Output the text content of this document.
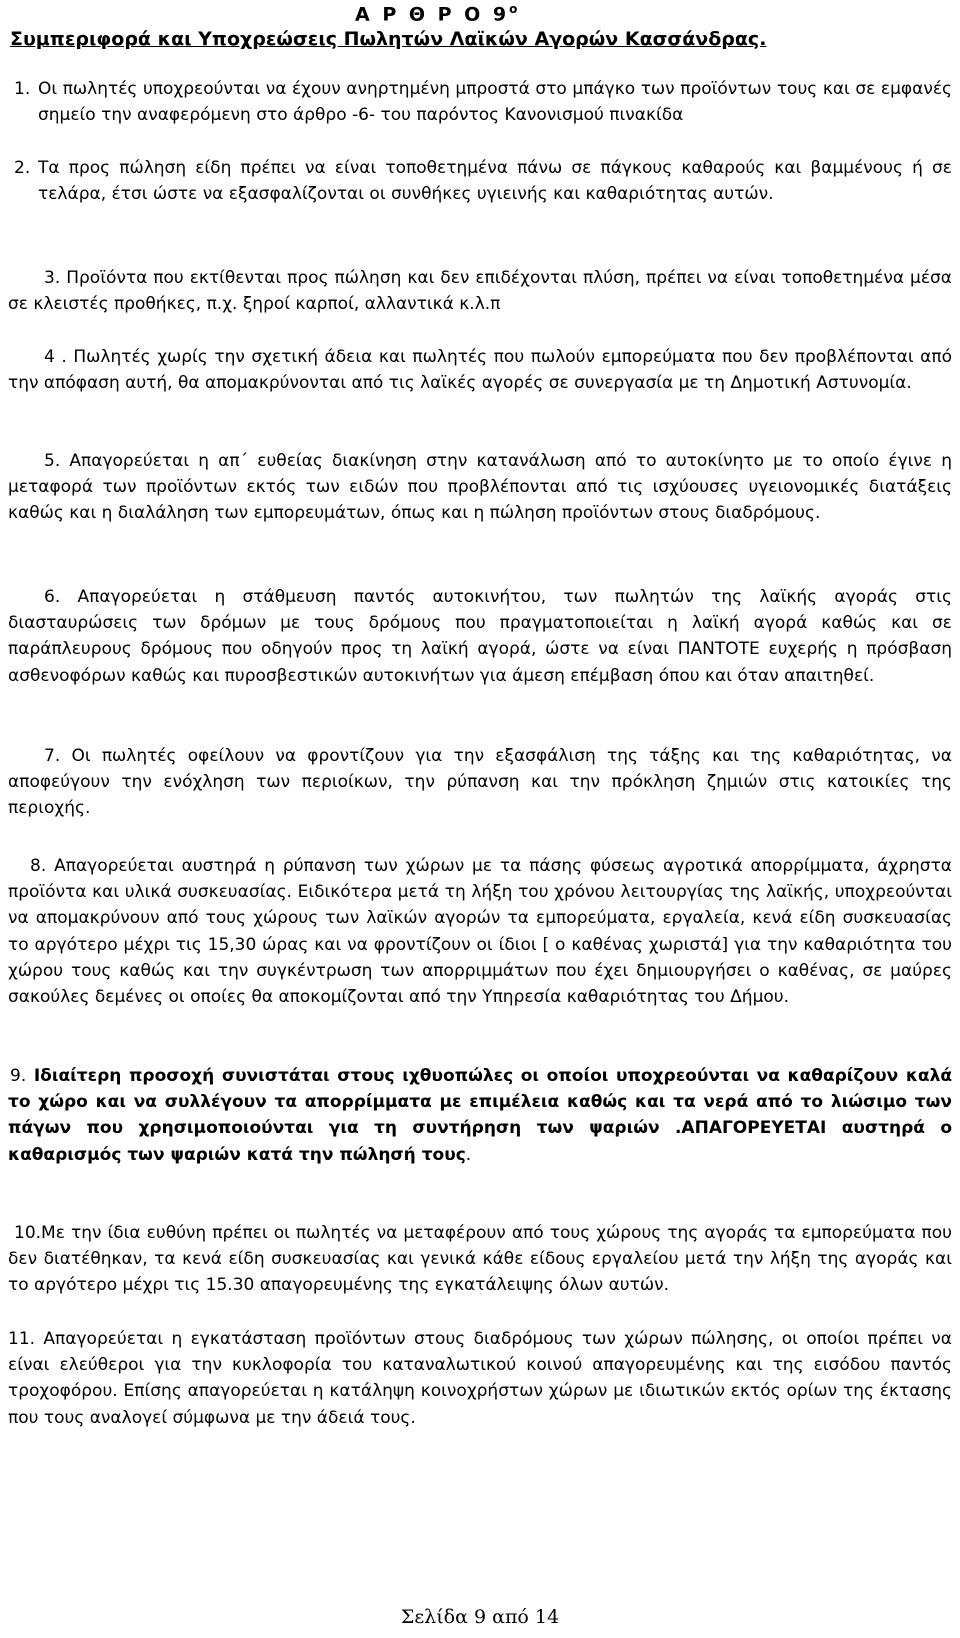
Α Ρ Θ Ρ Ο $9^o$
Συμπεριφορά και Υποχρεώσεις Πωλητών Λαϊκών Αγορών Κασσάνδρας.
1. Οι πωλητές υποχρεούνται να έχουν ανηρτημένη μπροστά στο μπάγκο των προϊόντων τους και σε εμφανές σημείο την αναφερόμενη στο άρθρο -6- του παρόντος Κανονισμού πινακίδα
2. Τα προς πώληση είδη πρέπει να είναι τοποθετημένα πάνω σε πάγκους καθαρούς και βαμμένους ή σε τελάρα, έτσι ώστε να εξασφαλίζονται οι συνθήκες υγιεινής και καθαριότητας αυτών.
3. Προϊόντα που εκτίθενται προς πώληση και δεν επιδέχονται πλύση, πρέπει να είναι τοποθετημένα μέσα σε κλειστές προθήκες, π.χ. ξηροί καρποί, αλλαντικά κ.λ.π
4 . Πωλητές χωρίς την σχετική άδεια και πωλητές που πωλούν εμπορεύματα που δεν προβλέπονται από την απόφαση αυτή, θα απομακρύνονται από τις λαϊκές αγορές σε συνεργασία με τη Δημοτική Αστυνομία.
5. Απαγορεύεται η απ΄ ευθείας διακίνηση στην κατανάλωση από το αυτοκίνητο με το οποίο έγινε η μεταφορά των προϊόντων εκτός των ειδών που προβλέπονται από τις ισχύουσες υγειονομικές διατάξεις καθώς και η διαλάληση των εμπορευμάτων, όπως και η πώληση προϊόντων στους διαδρόμους.
6. Απαγορεύεται η στάθμευση παντός αυτοκινήτου, των πωλητών της λαϊκής αγοράς στις διασταυρώσεις των δρόμων με τους δρόμους που πραγματοποιείται η λαϊκή αγορά καθώς και σε παράπλευρους δρόμους που οδηγούν προς τη λαϊκή αγορά, ώστε να είναι ΠΑΝΤΟΤΕ ευχερής η πρόσβαση ασθενοφόρων καθώς και πυροσβεστικών αυτοκινήτων για άμεση επέμβαση όπου και όταν απαιτηθεί.
7. Οι πωλητές οφείλουν να φροντίζουν για την εξασφάλιση της τάξης και της καθαριότητας, να αποφεύγουν την ενόχληση των περιοίκων, την ρύπανση και την πρόκληση ζημιών στις κατοικίες της περιοχής.
8. Απαγορεύεται αυστηρά η ρύπανση των χώρων με τα πάσης φύσεως αγροτικά απορρίμματα, άχρηστα προϊόντα και υλικά συσκευασίας. Ειδικότερα μετά τη λήξη του χρόνου λειτουργίας της λαϊκής, υποχρεούνται να απομακρύνουν από τους χώρους των λαϊκών αγορών τα εμπορεύματα, εργαλεία, κενά είδη συσκευασίας το αργότερο μέχρι τις 15,30 ώρας και να φροντίζουν οι ίδιοι [ ο καθένας χωριστά] για την καθαριότητα του χώρου τους καθώς και την συγκέντρωση των απορριμμάτων που έχει δημιουργήσει ο καθένας, σε μαύρες σακούλες δεμένες οι οποίες θα αποκομίζονται από την Υπηρεσία καθαριότητας του Δήμου.
9. Ιδιαίτερη προσοχή συνιστάται στους ιχθυοπώλες οι οποίοι υποχρεούνται να καθαρίζουν καλά το χώρο και να συλλέγουν τα απορρίμματα με επιμέλεια καθώς και τα νερά από το λιώσιμο των πάγων που χρησιμοποιούνται για τη συντήρηση των ψαριών .ΑΠΑΓΟΡΕΥΕΤΑΙ αυστηρά ο καθαρισμός των ψαριών κατά την πώλησή τους.
10.Με την ίδια ευθύνη πρέπει οι πωλητές να μεταφέρουν από τους χώρους της αγοράς τα εμπορεύματα που δεν διατέθηκαν, τα κενά είδη συσκευασίας και γενικά κάθε είδους εργαλείου μετά την λήξη της αγοράς και το αργότερο μέχρι τις 15.30 απαγορευμένης της εγκατάλειψης όλων αυτών.
11. Απαγορεύεται η εγκατάσταση προϊόντων στους διαδρόμους των χώρων πώλησης, οι οποίοι πρέπει να είναι ελεύθεροι για την κυκλοφορία του καταναλωτικού κοινού απαγορευμένης και της εισόδου παντός τροχοφόρου. Επίσης απαγορεύεται η κατάληψη κοινοχρήστων χώρων με ιδιωτικών εκτός ορίων της έκτασης που τους αναλογεί σύμφωνα με την άδειά τους.
Σελίδα 9 από 14
